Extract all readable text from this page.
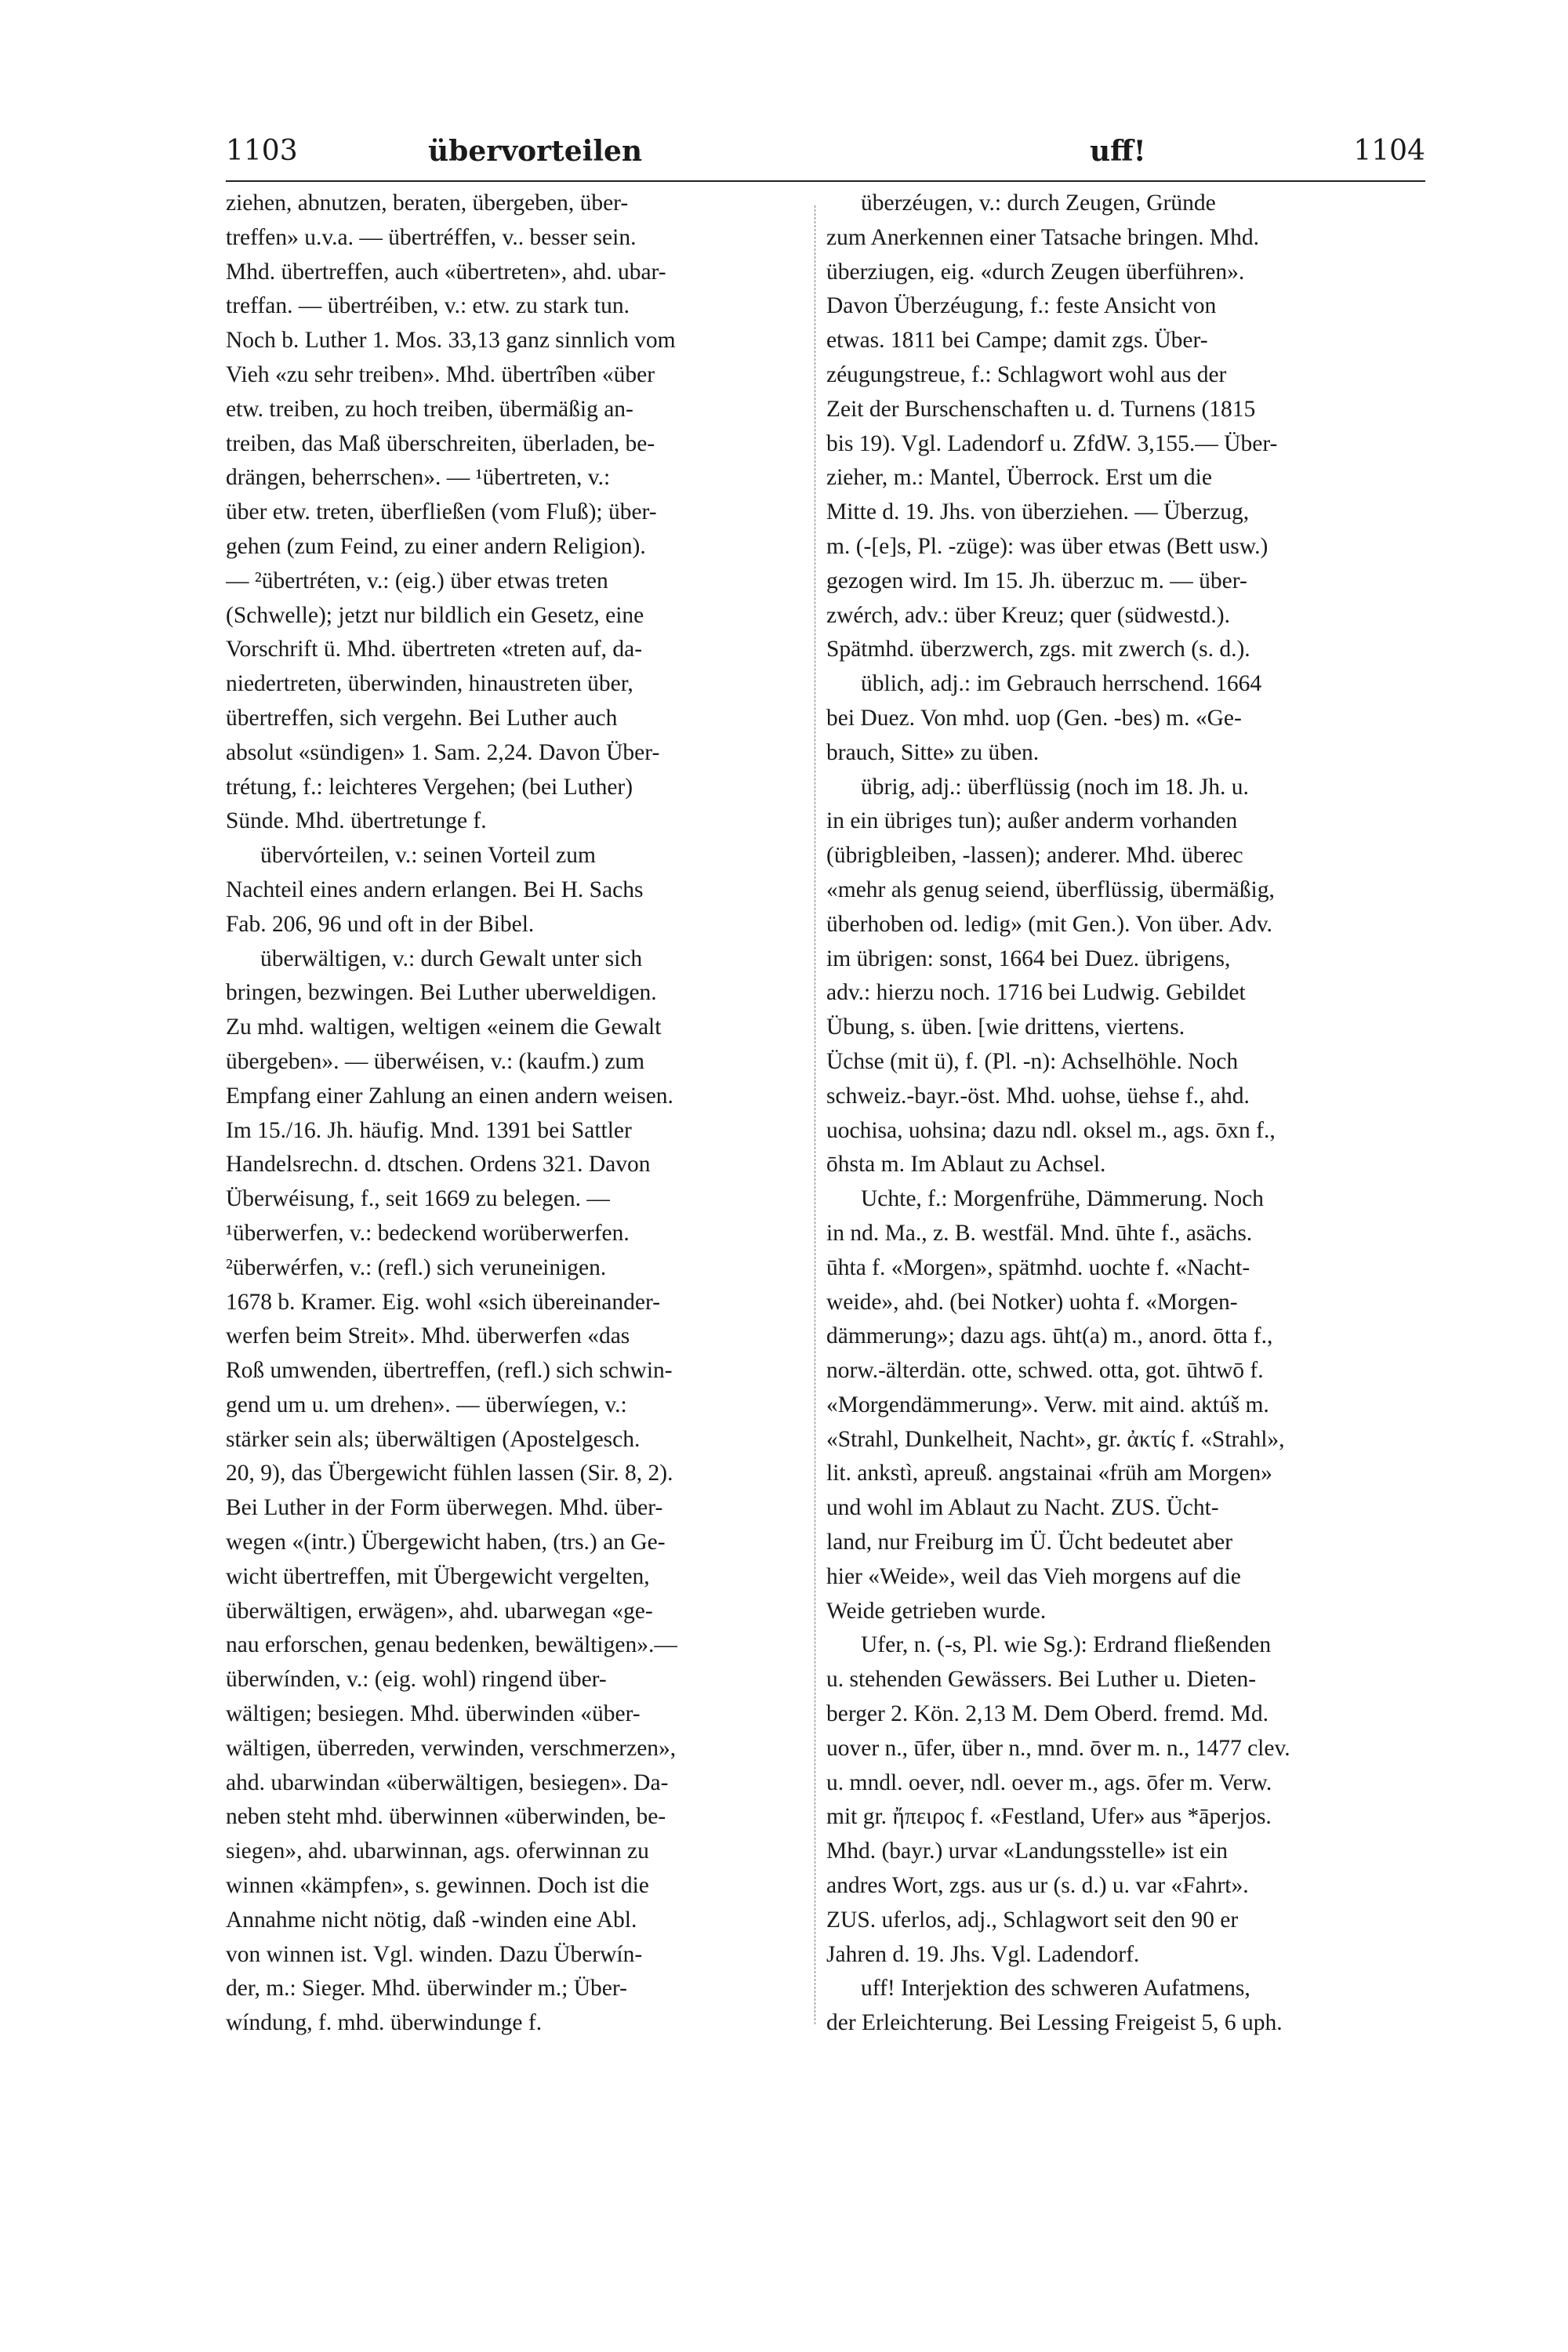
1103	übervorteilen	uff!	1104
ziehen, abnutzen, beraten, übergeben, über-
treffen» u.v.a. — übertréffen, v.. besser sein.
Mhd. übertreffen, auch «übertreten», ahd. ubar-
treffan. — übertréiben, v.: etw. zu stark tun.
Noch b. Luther 1. Mos. 33,13 ganz sinnlich vom
Vieh «zu sehr treiben». Mhd. übertrîben «über
etw. treiben, zu hoch treiben, übermäßig an-
treiben, das Maß überschreiten, überladen, be-
drängen, beherrschen». — ¹übertreten, v.:
über etw. treten, überfließen (vom Fluß); über-
gehen (zum Feind, zu einer andern Religion).
— ²übertréten, v.: (eig.) über etwas treten
(Schwelle); jetzt nur bildlich ein Gesetz, eine
Vorschrift ü. Mhd. übertreten «treten auf, da-
niedertreten, überwinden, hinaustreten über,
übertreffen, sich vergehn. Bei Luther auch
absolut «sündigen» 1. Sam. 2,24. Davon Über-
trétung, f.: leichteres Vergehen; (bei Luther)
Sünde. Mhd. übertretunge f.
übervórteilen, v.: seinen Vorteil zum
Nachteil eines andern erlangen. Bei H. Sachs
Fab. 206, 96 und oft in der Bibel.
überwältigen, v.: durch Gewalt unter sich
bringen, bezwingen. Bei Luther uberweldigen.
Zu mhd. waltigen, weltigen «einem die Gewalt
übergeben». — überwéisen, v.: (kaufm.) zum
Empfang einer Zahlung an einen andern weisen.
Im 15./16. Jh. häufig. Mnd. 1391 bei Sattler
Handelsrechn. d. dtschen. Ordens 321. Davon
Überwéisung, f., seit 1669 zu belegen. —
¹überwerfen, v.: bedeckend worüberwerfen.
²überwérfen, v.: (refl.) sich veruneinigen.
1678 b. Kramer. Eig. wohl «sich übereinander-
werfen beim Streit». Mhd. überwerfen «das
Roß umwenden, übertreffen, (refl.) sich schwin-
gend um u. um drehen». — überwíegen, v.:
stärker sein als; überwältigen (Apostelgesch.
20, 9), das Übergewicht fühlen lassen (Sir. 8, 2).
Bei Luther in der Form überwegen. Mhd. über-
wegen «(intr.) Übergewicht haben, (trs.) an Ge-
wicht übertreffen, mit Übergewicht vergelten,
überwältigen, erwägen», ahd. ubarwegan «ge-
nau erforschen, genau bedenken, bewältigen».—
überwínden, v.: (eig. wohl) ringend über-
wältigen; besiegen. Mhd. überwinden «über-
wältigen, überreden, verwinden, verschmerzen»,
ahd. ubarwindan «überwältigen, besiegen». Da-
neben steht mhd. überwinnen «überwinden, be-
siegen», ahd. ubarwinnan, ags. oferwinnan zu
winnen «kämpfen», s. gewinnen. Doch ist die
Annahme nicht nötig, daß -winden eine Abl.
von winnen ist. Vgl. winden. Dazu Überwín-
der, m.: Sieger. Mhd. überwinder m.; Über-
wíndung, f. mhd. überwindunge f.
überzéugen, v.: durch Zeugen, Gründe
zum Anerkennen einer Tatsache bringen. Mhd.
überziugen, eig. «durch Zeugen überführen».
Davon Überzéugung, f.: feste Ansicht von
etwas. 1811 bei Campe; damit zgs. Über-
zéugungstreue, f.: Schlagwort wohl aus der
Zeit der Burschenschaften u. d. Turnens (1815
bis 19). Vgl. Ladendorf u. ZfdW. 3,155.— Über-
zieher, m.: Mantel, Überrock. Erst um die
Mitte d. 19. Jhs. von überziehen. — Überzug,
m. (-[e]s, Pl. -züge): was über etwas (Bett usw.)
gezogen wird. Im 15. Jh. überzuc m. — über-
zwérch, adv.: über Kreuz; quer (südwestd.).
Spätmhd. überzwerch, zgs. mit zwerch (s. d.).
üblich, adj.: im Gebrauch herrschend. 1664
bei Duez. Von mhd. uop (Gen. -bes) m. «Ge-
brauch, Sitte» zu üben.
übrig, adj.: überflüssig (noch im 18. Jh. u.
in ein übriges tun); außer anderm vorhanden
(übrigbleiben, -lassen); anderer. Mhd. überec
«mehr als genug seiend, überflüssig, übermäßig,
überhoben od. ledig» (mit Gen.). Von über. Adv.
im übrigen: sonst, 1664 bei Duez. übrigens,
adv.: hierzu noch. 1716 bei Ludwig. Gebildet
Übung, s. üben. [wie drittens, viertens.
Üchse (mit ü), f. (Pl. -n): Achselhöhle. Noch
schweiz.-bayr.-öst. Mhd. uohse, üehse f., ahd.
uochisa, uohsina; dazu ndl. oksel m., ags. ōxn f.,
ōhsta m. Im Ablaut zu Achsel.
Uchte, f.: Morgenfrühe, Dämmerung. Noch
in nd. Ma., z. B. westfäl. Mnd. ūhte f., asächs.
ūhta f. «Morgen», spätmhd. uochte f. «Nacht-
weide», ahd. (bei Notker) uohta f. «Morgen-
dämmerung»; dazu ags. ūht(a) m., anord. ōtta f.,
norw.-älterdän. otte, schwed. otta, got. ūhtwō f.
«Morgendämmerung». Verw. mit aind. aktúš m.
«Strahl, Dunkelheit, Nacht», gr. ἀκτίς f. «Strahl»,
lit. ankstì, apreuß. angstainai «früh am Morgen»
und wohl im Ablaut zu Nacht. ZUS. Ücht-
land, nur Freiburg im Ü. Ücht bedeutet aber
hier «Weide», weil das Vieh morgens auf die
Weide getrieben wurde.
Ufer, n. (-s, Pl. wie Sg.): Erdrand fließenden
u. stehenden Gewässers. Bei Luther u. Dieten-
berger 2. Kön. 2,13 M. Dem Oberd. fremd. Md.
uover n., ūfer, über n., mnd. ōver m. n., 1477 clev.
u. mndl. oever, ndl. oever m., ags. ōfer m. Verw.
mit gr. ἤπειρος f. «Festland, Ufer» aus *āperjos.
Mhd. (bayr.) urvar «Landungsstelle» ist ein
andres Wort, zgs. aus ur (s. d.) u. var «Fahrt».
ZUS. uferlos, adj., Schlagwort seit den 90 er
Jahren d. 19. Jhs. Vgl. Ladendorf.
uff! Interjektion des schweren Aufatmens,
der Erleichterung. Bei Lessing Freigeist 5, 6 uph.
